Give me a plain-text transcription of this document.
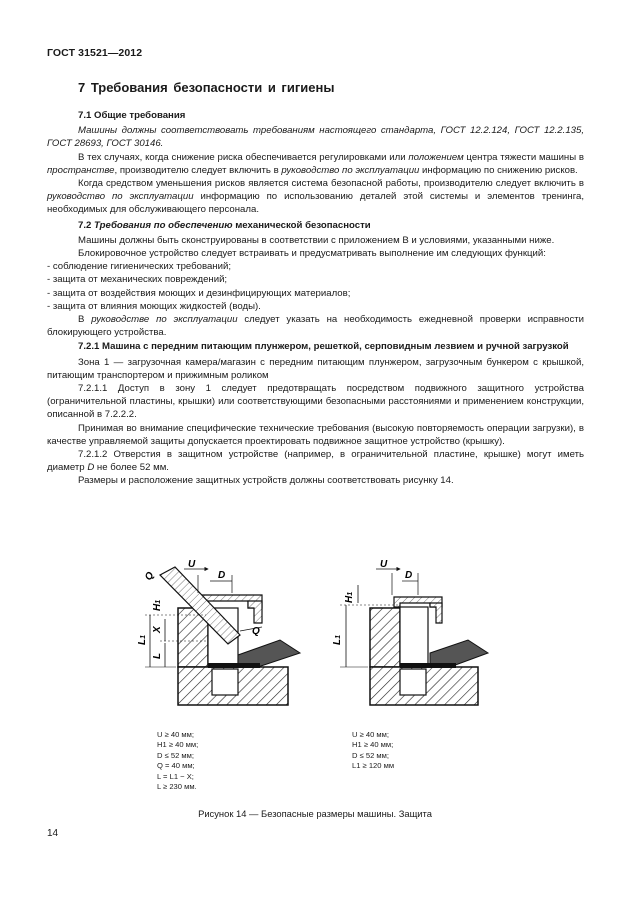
ГОСТ 31521—2012
7 Требования безопасности и гигиены

7.1 Общие требования

Машины должны соответствовать требованиям настоящего стандарта, ГОСТ 12.2.124, ГОСТ 12.2.135, ГОСТ 28693, ГОСТ 30146.

В тех случаях, когда снижение риска обеспечивается регулировками или положением центра тяжести машины в пространстве, производителю следует включить в руководство по эксплуатации информацию по снижению рисков.

Когда средством уменьшения рисков является система безопасной работы, производителю следует включить в руководство по эксплуатации информацию по использованию деталей этой системы и элементов тренинга, необходимых для обслуживающего персонала.

7.2 Требования по обеспечению механической безопасности

Машины должны быть сконструированы в соответствии с приложением В и условиями, указанными ниже.

Блокировочное устройство следует встраивать и предусматривать выполнение им следующих функций:

- соблюдение гигиенических требований;

- защита от механических повреждений;

- защита от воздействия моющих и дезинфицирующих материалов;

- защита от влияния моющих жидкостей (воды).

В руководстве по эксплуатации следует указать на необходимость ежедневной проверки исправности блокирующего устройства.

7.2.1 Машина с передним питающим плунжером, решеткой, серповидным лезвием и ручной загрузкой

Зона 1 — загрузочная камера/магазин с передним питающим плунжером, загрузочным бункером с крышкой, питающим транспортером и прижимным роликом

7.2.1.1 Доступ в зону 1 следует предотвращать посредством подвижного защитного устройства (ограничительной пластины, крышки) или соответствующими безопасными расстояниями и применением конструкции, описанной в 7.2.2.2.

Принимая во внимание специфические технические требования (высокую повторяемость операции загрузки), в качестве управляемой защиты допускается проектировать подвижное защитное устройство (крышку).

7.2.1.2 Отверстия в защитном устройстве (например, в ограничительной пластине, крышке) могут иметь диаметр D не более 52 мм.

Размеры и расположение защитных устройств должны соответствовать рисунку 14.

U
D
Q
Q
H1
X
L1
L
U
D
H1
L1
U ≥ 40 мм;
H1 ≥ 40 мм;
D ≤ 52 мм;
Q = 40 мм;
L = L1 − X;
L ≥ 230 мм.
U ≥ 40 мм;
H1 ≥ 40 мм;
D ≤ 52 мм;
L1 ≥ 120 мм
Рисунок 14 — Безопасные размеры машины. Защита
14
